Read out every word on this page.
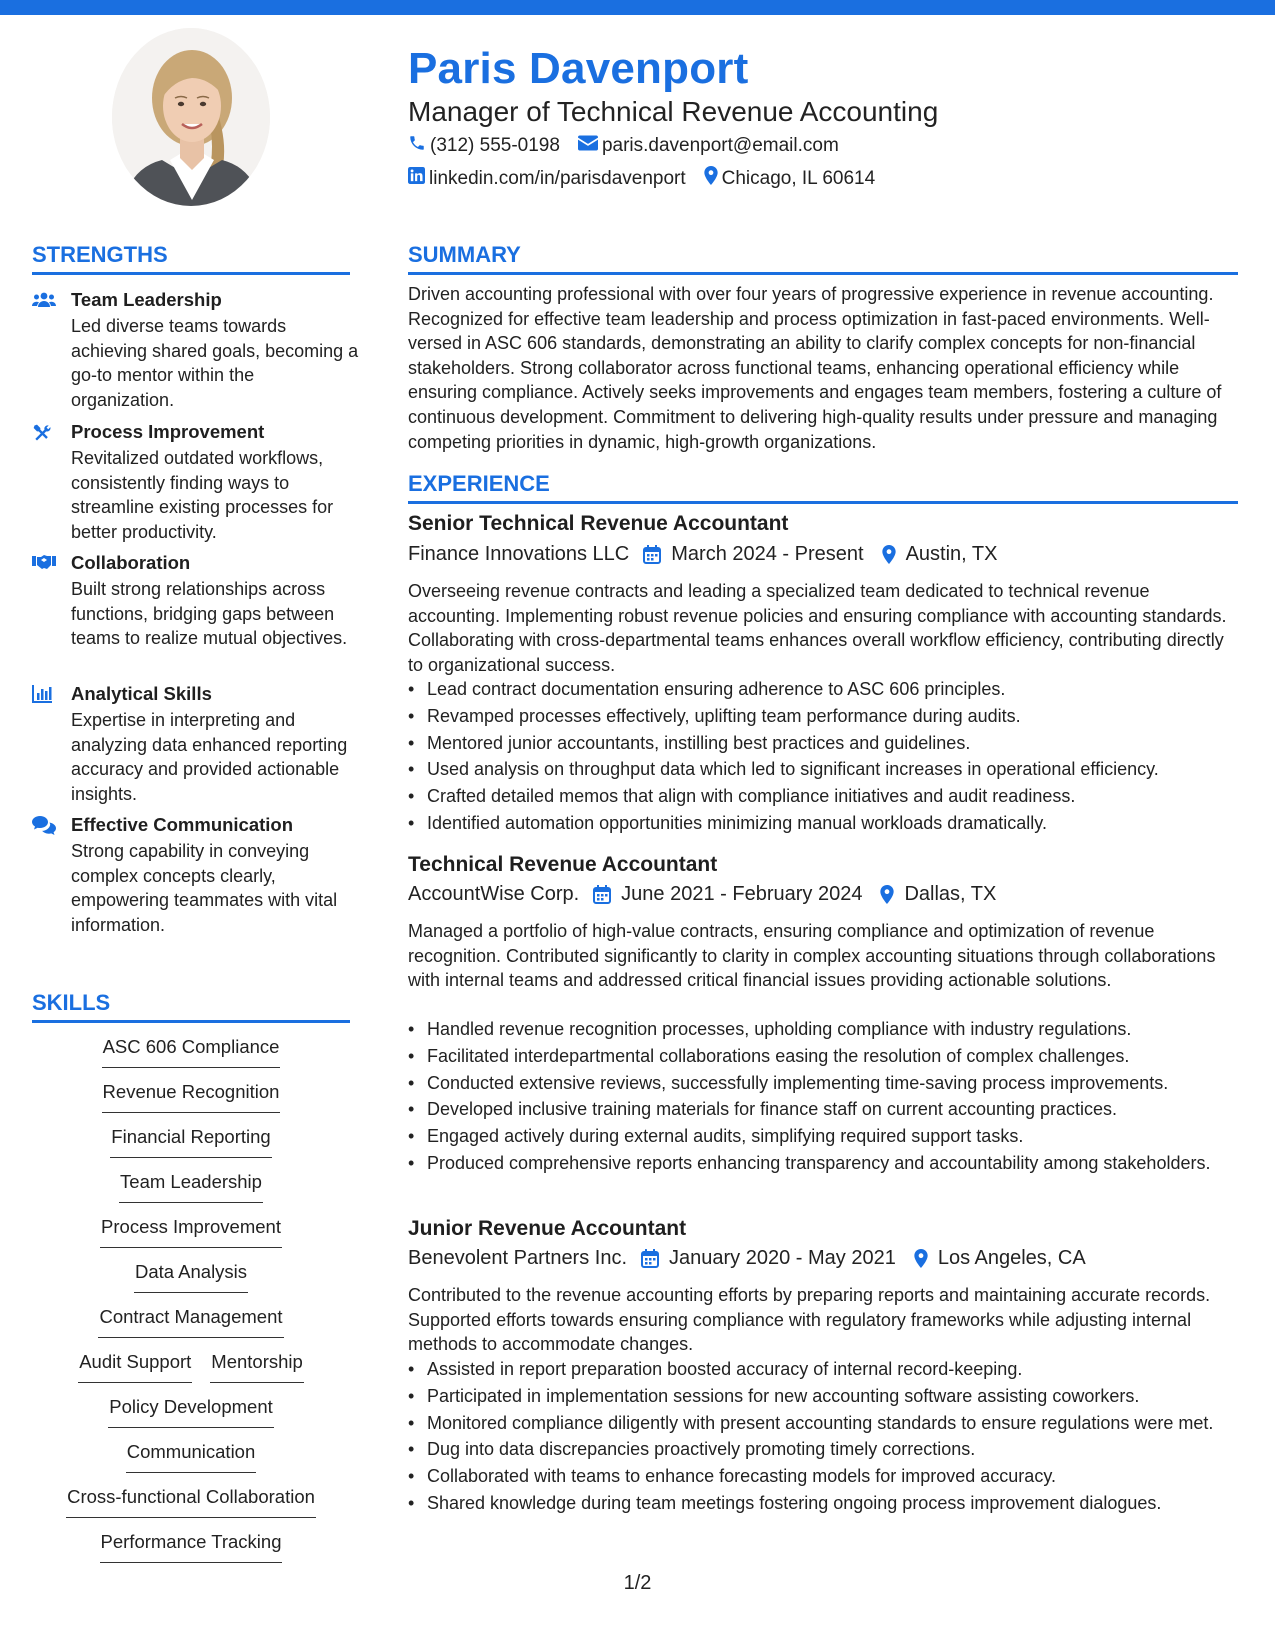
Paris Davenport
Manager of Technical Revenue Accounting
(312) 555-0198 paris.davenport@email.com
linkedin.com/in/parisdavenport Chicago, IL 60614
STRENGTHS
Team Leadership
Led diverse teams towards achieving shared goals, becoming a go-to mentor within the organization.
Process Improvement
Revitalized outdated workflows, consistently finding ways to streamline existing processes for better productivity.
Collaboration
Built strong relationships across functions, bridging gaps between teams to realize mutual objectives.
Analytical Skills
Expertise in interpreting and analyzing data enhanced reporting accuracy and provided actionable insights.
Effective Communication
Strong capability in conveying complex concepts clearly, empowering teammates with vital information.
SKILLS
ASC 606 Compliance
Revenue Recognition
Financial Reporting
Team Leadership
Process Improvement
Data Analysis
Contract Management
Audit Support Mentorship
Policy Development
Communication
Cross-functional Collaboration
Performance Tracking
SUMMARY
Driven accounting professional with over four years of progressive experience in revenue accounting. Recognized for effective team leadership and process optimization in fast-paced environments. Well-versed in ASC 606 standards, demonstrating an ability to clarify complex concepts for non-financial stakeholders. Strong collaborator across functional teams, enhancing operational efficiency while ensuring compliance. Actively seeks improvements and engages team members, fostering a culture of continuous development. Commitment to delivering high-quality results under pressure and managing competing priorities in dynamic, high-growth organizations.
EXPERIENCE
Senior Technical Revenue Accountant
Finance Innovations LLC March 2024 - Present Austin, TX
Overseeing revenue contracts and leading a specialized team dedicated to technical revenue accounting. Implementing robust revenue policies and ensuring compliance with accounting standards. Collaborating with cross-departmental teams enhances overall workflow efficiency, contributing directly to organizational success.
• Lead contract documentation ensuring adherence to ASC 606 principles.
• Revamped processes effectively, uplifting team performance during audits.
• Mentored junior accountants, instilling best practices and guidelines.
• Used analysis on throughput data which led to significant increases in operational efficiency.
• Crafted detailed memos that align with compliance initiatives and audit readiness.
• Identified automation opportunities minimizing manual workloads dramatically.
Technical Revenue Accountant
AccountWise Corp. June 2021 - February 2024 Dallas, TX
Managed a portfolio of high-value contracts, ensuring compliance and optimization of revenue recognition. Contributed significantly to clarity in complex accounting situations through collaborations with internal teams and addressed critical financial issues providing actionable solutions.
• Handled revenue recognition processes, upholding compliance with industry regulations.
• Facilitated interdepartmental collaborations easing the resolution of complex challenges.
• Conducted extensive reviews, successfully implementing time-saving process improvements.
• Developed inclusive training materials for finance staff on current accounting practices.
• Engaged actively during external audits, simplifying required support tasks.
• Produced comprehensive reports enhancing transparency and accountability among stakeholders.
Junior Revenue Accountant
Benevolent Partners Inc. January 2020 - May 2021 Los Angeles, CA
Contributed to the revenue accounting efforts by preparing reports and maintaining accurate records. Supported efforts towards ensuring compliance with regulatory frameworks while adjusting internal methods to accommodate changes.
• Assisted in report preparation boosted accuracy of internal record-keeping.
• Participated in implementation sessions for new accounting software assisting coworkers.
• Monitored compliance diligently with present accounting standards to ensure regulations were met.
• Dug into data discrepancies proactively promoting timely corrections.
• Collaborated with teams to enhance forecasting models for improved accuracy.
• Shared knowledge during team meetings fostering ongoing process improvement dialogues.
1/2
